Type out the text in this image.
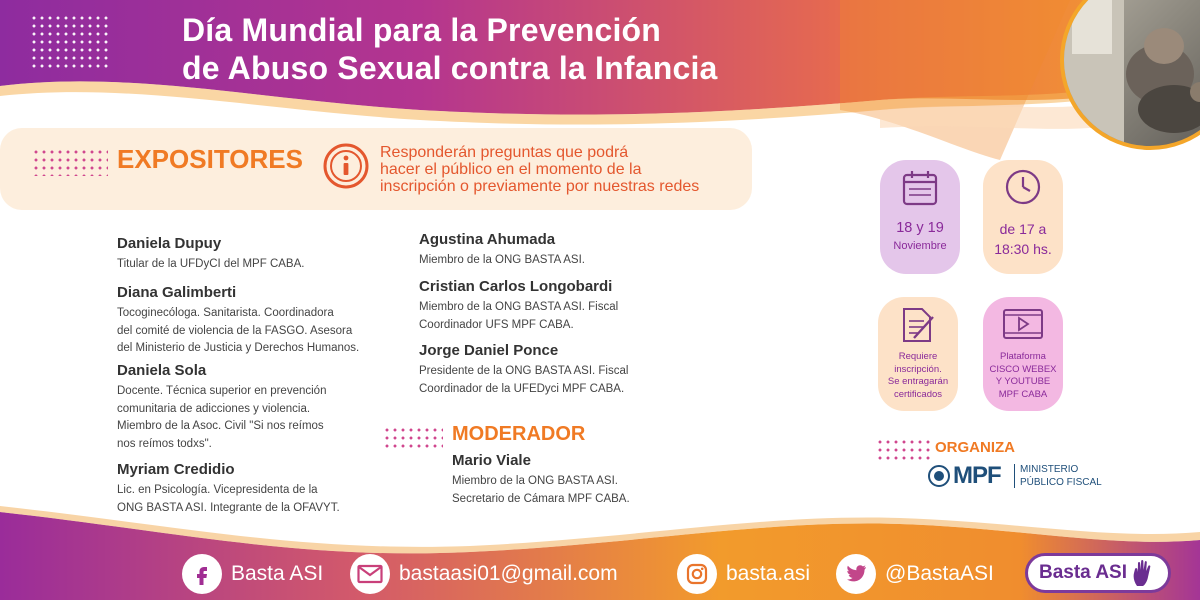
Día Mundial para la Prevención
de Abuso Sexual contra la Infancia
EXPOSITORES	Responderán preguntas que podrá
hacer el público en el momento de la
inscripción o previamente por nuestras redes
Daniela Dupuy
Titular de la UFDyCI del MPF CABA.
Diana Galimberti
Tocoginecóloga. Sanitarista. Coordinadora
del comité de violencia de la FASGO. Asesora
del Ministerio de Justicia y Derechos Humanos.
Daniela Sola
Docente. Técnica superior en prevención
comunitaria de adicciones y violencia.
Miembro de la Asoc. Civil "Si nos reímos
nos reímos todxs".
Myriam Credidio
Lic. en Psicología. Vicepresidenta de la
ONG BASTA ASI. Integrante de la OFAVYT.
Agustina Ahumada
Miembro de la ONG BASTA ASI.
Cristian Carlos Longobardi
Miembro de la ONG BASTA ASI. Fiscal
Coordinador UFS MPF CABA.
Jorge Daniel Ponce
Presidente de la ONG BASTA ASI. Fiscal
Coordinador de la UFEDyci MPF CABA.
MODERADOR
Mario Viale
Miembro de la ONG BASTA ASI.
Secretario de Cámara MPF CABA.
18 y 19
Noviembre
de 17 a
18:30 hs.
Requiere
inscripción.
Se entragarán
certificados
Plataforma
CISCO WEBEX
Y YOUTUBE
MPF CABA
ORGANIZA
MPF MINISTERIO
PÚBLICO FISCAL
Basta ASI	bastaasi01@gmail.com	basta.asi	@BastaASI Basta ASI
